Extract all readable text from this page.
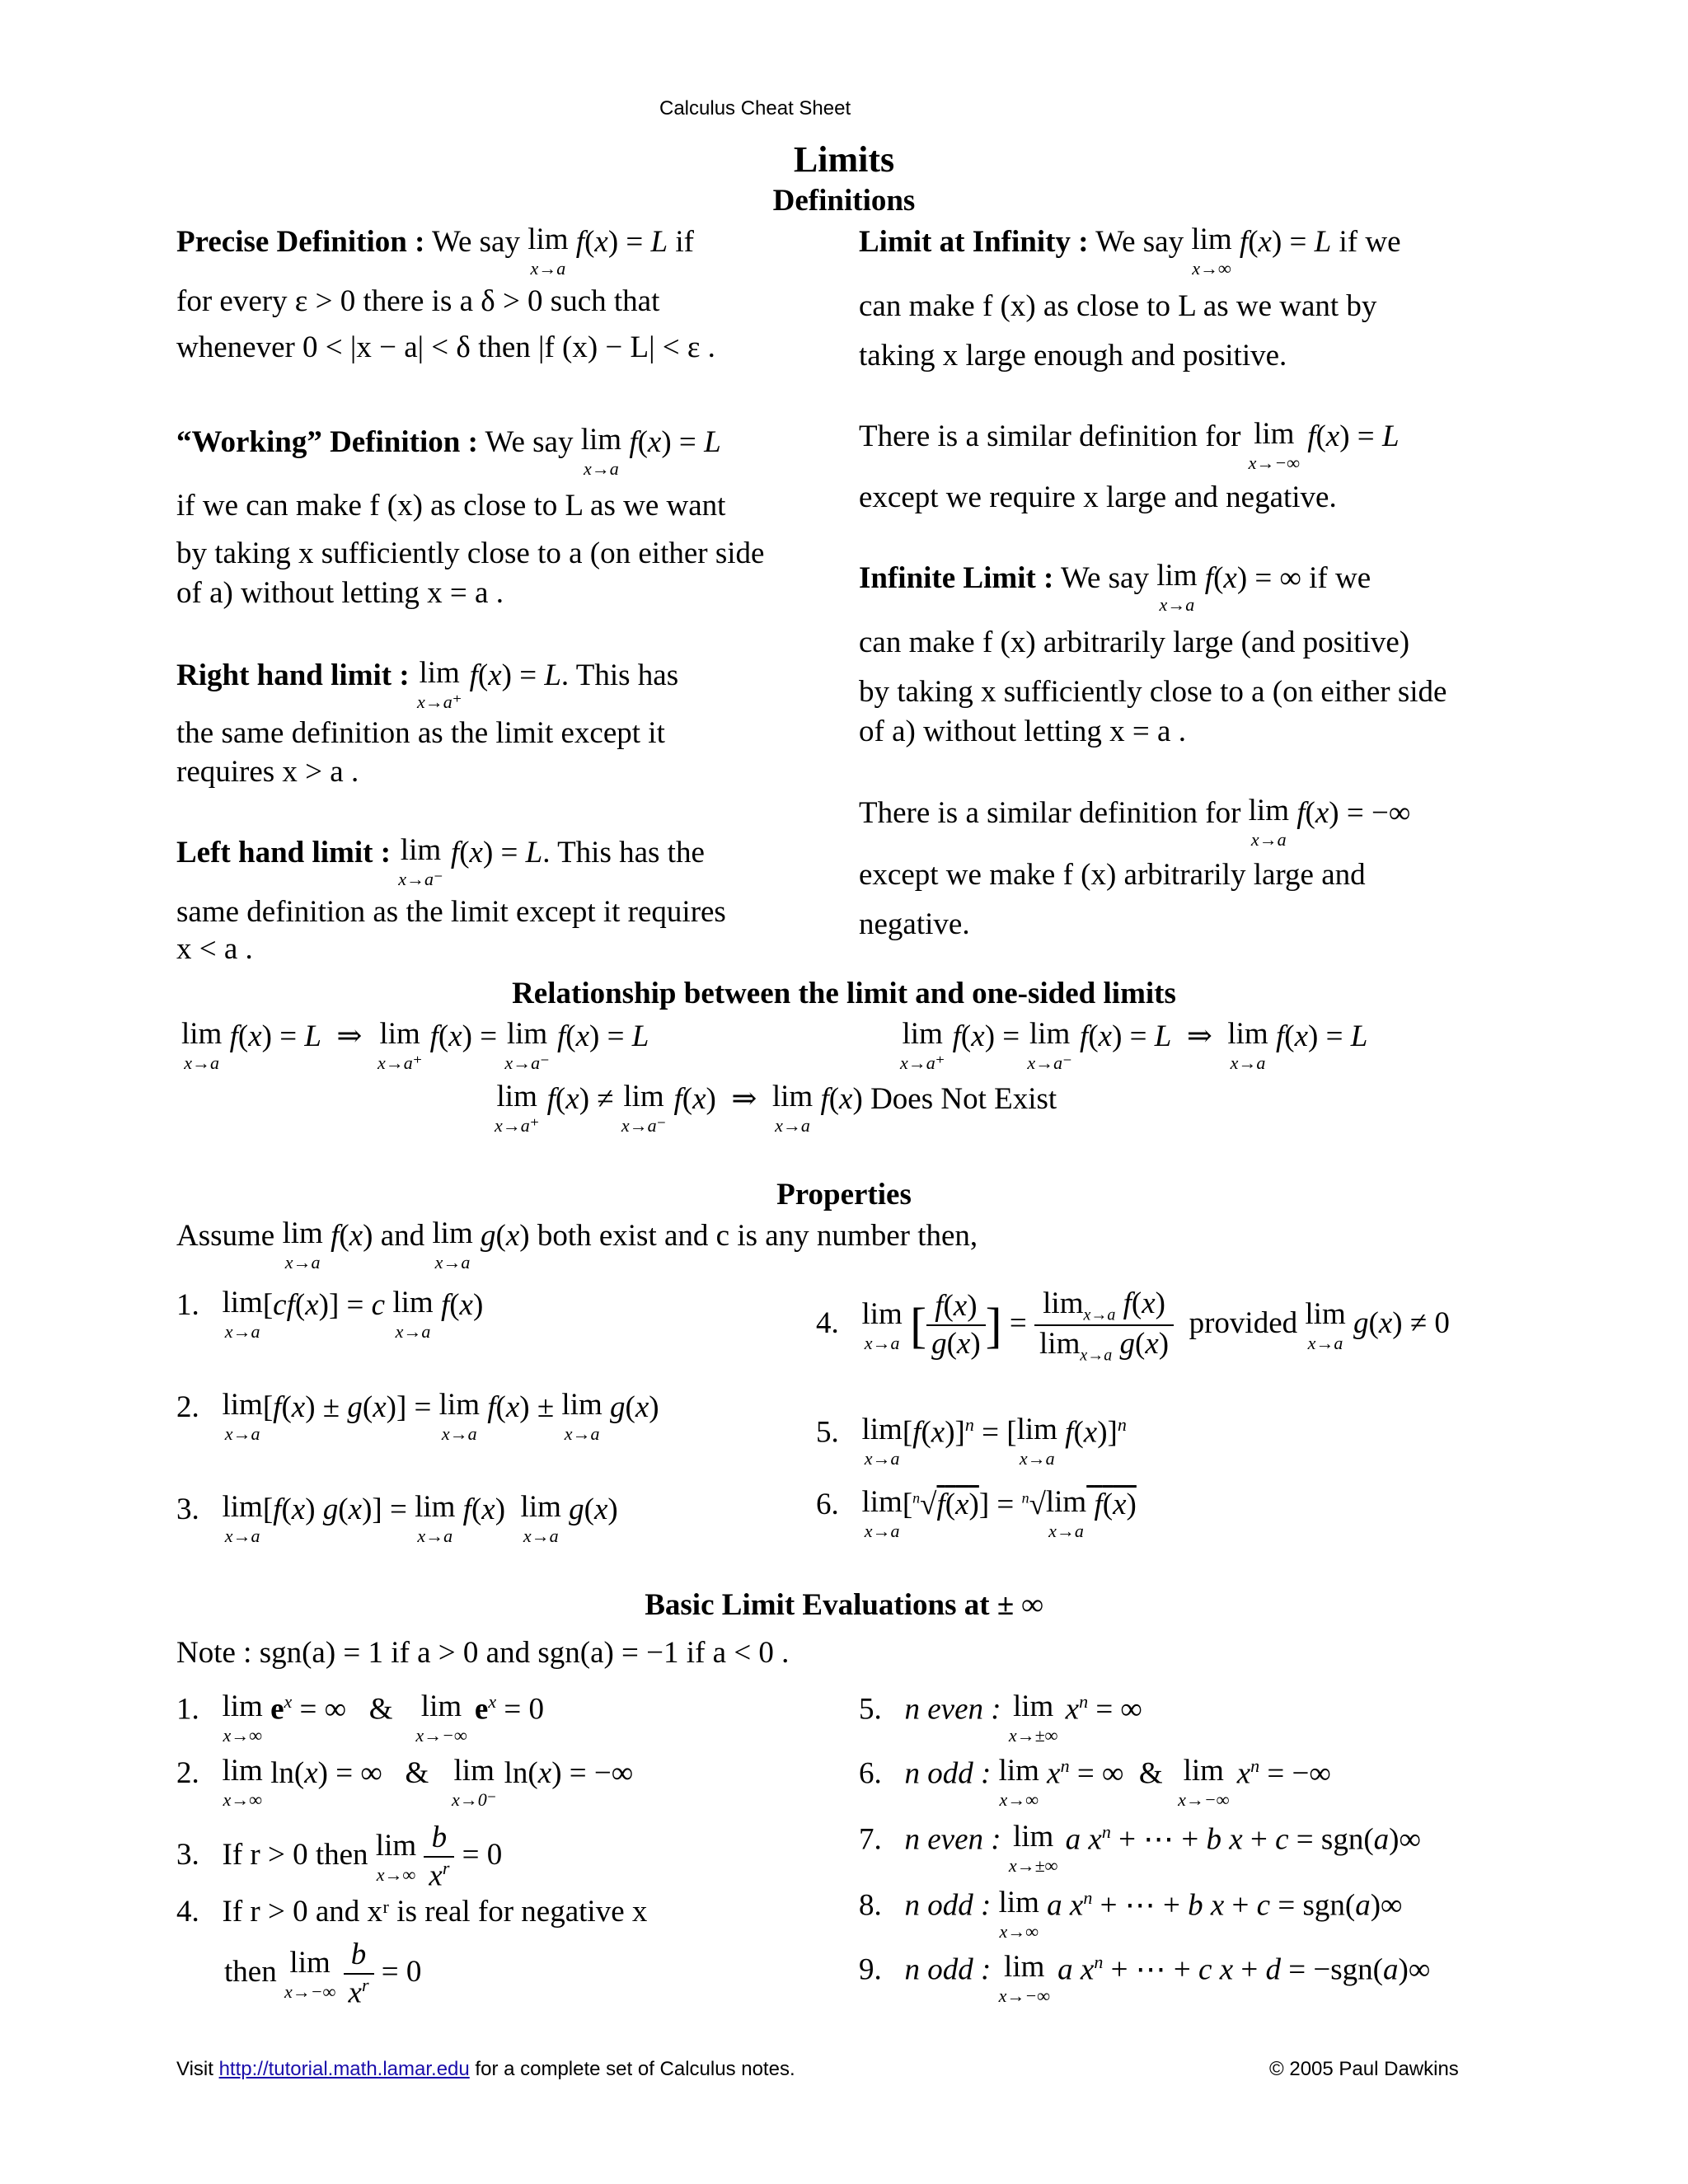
Calculus Cheat Sheet
Limits
Definitions
Precise Definition : We say lim
x→a
f(x) = L if
for every ε > 0 there is a δ > 0 such that
whenever 0 < |x − a| < δ then |f (x) − L| < ε .
“Working” Definition : We say lim
x→a
f(x) = L
if we can make f (x) as close to L as we want
by taking x sufficiently close to a (on either side
of a) without letting x = a .
Right hand limit : lim
x→a⁺
f(x) = L. This has
the same definition as the limit except it
requires x > a .
Left hand limit : lim
x→a⁻
f(x) = L. This has the
same definition as the limit except it requires
x < a .
Limit at Infinity : We say lim
x→∞
f(x) = L if we
can make f (x) as close to L as we want by
taking x large enough and positive.
There is a similar definition for lim
x→−∞
f(x) = L
except we require x large and negative.
Infinite Limit : We say lim
x→a
f(x) = ∞ if we
can make f (x) arbitrarily large (and positive)
by taking x sufficiently close to a (on either side
of a) without letting x = a .
There is a similar definition for lim
x→a
f(x) = −∞
except we make f (x) arbitrarily large and
negative.
Relationship between the limit and one-sided limits
lim
x→a
f(x) = L  ⇒  lim
x→a⁺
f(x) = lim
x→a⁻
f(x) = L	lim
x→a⁺
f(x) = lim
x→a⁻
f(x) = L  ⇒  lim
x→a
f(x) = L
lim
x→a⁺
f(x) ≠ lim
x→a⁻
f(x)  ⇒  lim
x→a
f(x) Does Not Exist
Properties
Assume lim
x→a
f(x) and lim
x→a
g(x) both exist and c is any number then,
1.   lim
x→a
[cf(x)] = c lim
x→a
f(x)
2.   lim
x→a
[f(x) ± g(x)] = lim
x→a
f(x) ± lim
x→a
g(x)
3.   lim
x→a
[f(x) g(x)] = lim
x→a
f(x)  lim
x→a
g(x)
4.   lim
x→a [ $\frac{f(x)}{g(x)}$ ] = $\frac{\lim_{x\to a} f(x)}{\lim_{x\to a} g(x)}$ provided lim
x→a
g(x) ≠ 0
5.   lim
x→a
$[f(x)]^n = [\lim$
x→a
f(x)]$^n$
6.   lim
x→a
[$^n$√f(x)] = $^n$√lim
x→a
f(x)
Basic Limit Evaluations at ± ∞
Note : sgn(a) = 1 if a > 0 and sgn(a) = −1 if a < 0 .
1.   lim
x→∞
$e^x$ = ∞   &   lim
x→−∞
$e^x = 0$
2.   lim
x→∞
ln(x) = ∞   &   lim
x→0⁻
ln(x) = −∞
3.   If r > 0 then lim
x→∞
$\frac{b}{x^r} = 0$
4.   If r > 0 and xʳ is real for negative x
then lim
x→−∞
$\frac{b}{x^r} = 0$
5.   n even : lim
x→±∞
$x^n$ = ∞
6.   n odd : lim
x→∞
$x^n$ = ∞  &  lim
x→−∞
$x^n$ = −∞
7.   n even : lim
x→±∞
a $x^n$ + ⋯ + b x + c = sgn(a)∞
8.   n odd : lim
x→∞
a $x^n$ + ⋯ + b x + c = sgn(a)∞
9.   n odd : lim
x→−∞
a $x^n$ + ⋯ + c x + d = −sgn(a)∞
Visit http://tutorial.math.lamar.edu for a complete set of Calculus notes.	© 2005 Paul Dawkins
